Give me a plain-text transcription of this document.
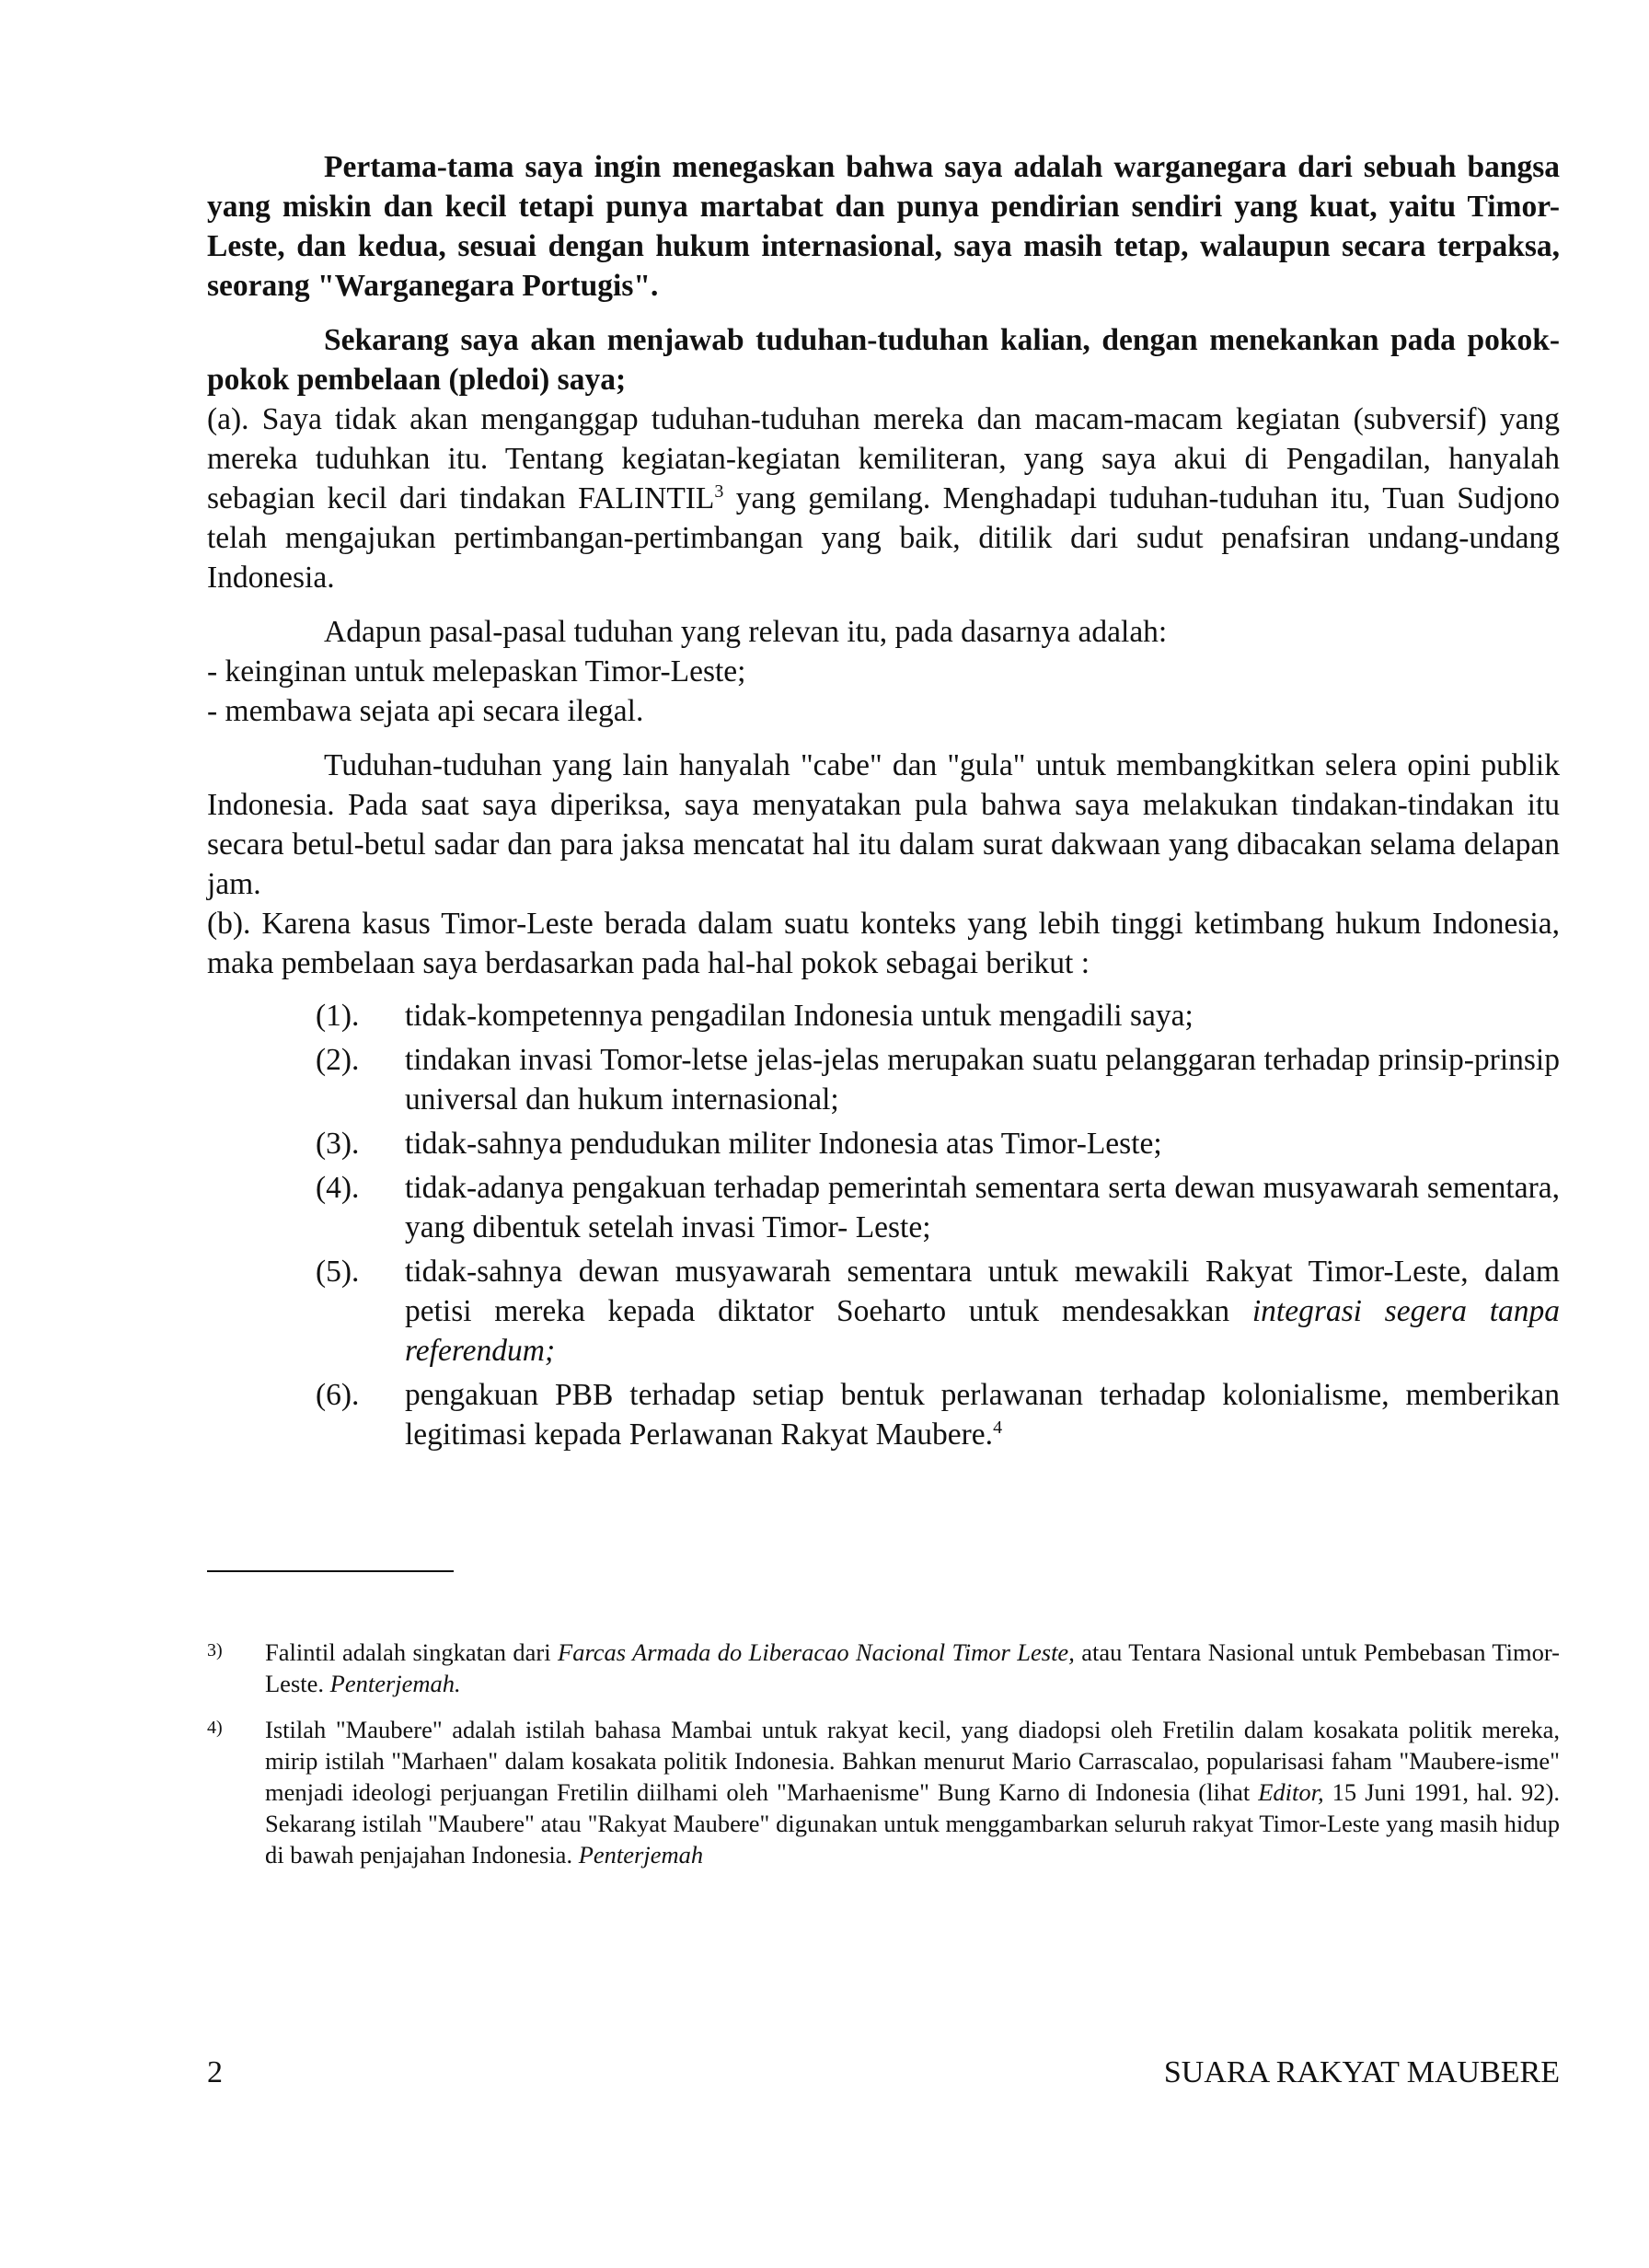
Pertama-tama saya ingin menegaskan bahwa saya adalah warganegara dari sebuah bangsa yang miskin dan kecil tetapi punya martabat dan punya pendirian sendiri yang kuat, yaitu Timor-Leste, dan kedua, sesuai dengan hukum internasional, saya masih tetap, walaupun secara terpaksa, seorang "Warganegara Portugis".

Sekarang saya akan menjawab tuduhan-tuduhan kalian, dengan menekankan pada pokok-pokok pembelaan (pledoi) saya;

(a). Saya tidak akan menganggap tuduhan-tuduhan mereka dan macam-macam kegiatan (subversif) yang mereka tuduhkan itu. Tentang kegiatan-kegiatan kemiliteran, yang saya akui di Pengadilan, hanyalah sebagian kecil dari tindakan FALINTIL$^3$ yang gemilang. Menghadapi tuduhan-tuduhan itu, Tuan Sudjono telah mengajukan pertimbangan-pertimbangan yang baik, ditilik dari sudut penafsiran undang-undang Indonesia.

Adapun pasal-pasal tuduhan yang relevan itu, pada dasarnya adalah:

- keinginan untuk melepaskan Timor-Leste;
- membawa sejata api secara ilegal.

Tuduhan-tuduhan yang lain hanyalah "cabe" dan "gula" untuk membangkitkan selera opini publik Indonesia. Pada saat saya diperiksa, saya menyatakan pula bahwa saya melakukan tindakan-tindakan itu secara betul-betul sadar dan para jaksa mencatat hal itu dalam surat dakwaan yang dibacakan selama delapan jam.

(b). Karena kasus Timor-Leste berada dalam suatu konteks yang lebih tinggi ketimbang hukum Indonesia, maka pembelaan saya berdasarkan pada hal-hal pokok sebagai berikut :

(1).	tidak-kompetennya pengadilan Indonesia untuk mengadili saya;
(2).	tindakan invasi Tomor-letse jelas-jelas merupakan suatu pelanggaran terhadap prinsip-prinsip universal dan hukum internasional;
(3).	tidak-sahnya pendudukan militer Indonesia atas Timor-Leste;
(4).	tidak-adanya pengakuan terhadap pemerintah sementara serta dewan musyawarah sementara, yang dibentuk setelah invasi Timor- Leste;
(5).	tidak-sahnya dewan musyawarah sementara untuk mewakili Rakyat Timor-Leste, dalam petisi mereka kepada diktator Soeharto untuk mendesakkan integrasi segera tanpa referendum;
(6).	pengakuan PBB terhadap setiap bentuk perlawanan terhadap kolonialisme, memberikan legitimasi kepada Perlawanan Rakyat Maubere.$^4$
3)	Falintil adalah singkatan dari Farcas Armada do Liberacao Nacional Timor Leste, atau Tentara Nasional untuk Pembebasan Timor-Leste. Penterjemah.
4)	Istilah "Maubere" adalah istilah bahasa Mambai untuk rakyat kecil, yang diadopsi oleh Fretilin dalam kosakata politik mereka, mirip istilah "Marhaen" dalam kosakata politik Indonesia. Bahkan menurut Mario Carrascalao, popularisasi faham "Maubere-isme" menjadi ideologi perjuangan Fretilin diilhami oleh "Marhaenisme" Bung Karno di Indonesia (lihat Editor, 15 Juni 1991, hal. 92). Sekarang istilah "Maubere" atau "Rakyat Maubere" digunakan untuk menggambarkan seluruh rakyat Timor-Leste yang masih hidup di bawah penjajahan Indonesia. Penterjemah
2	SUARA RAKYAT MAUBERE
